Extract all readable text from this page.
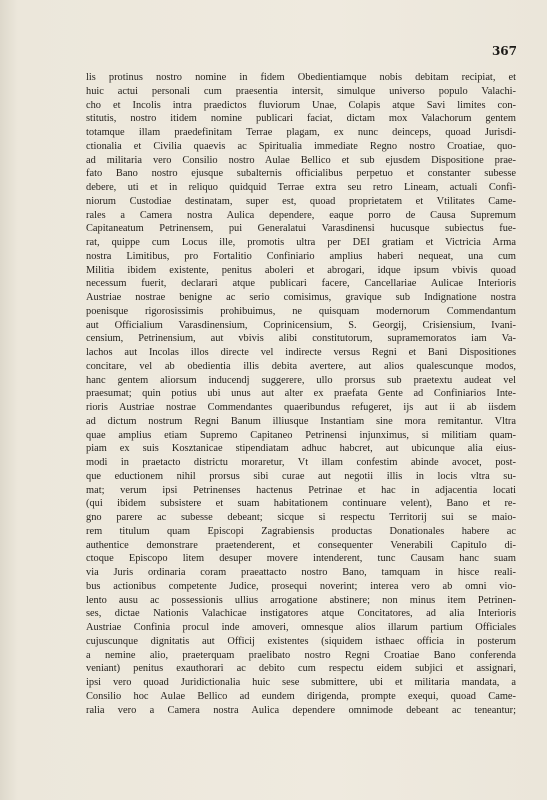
367
lis protinus nostro nomine in fidem Obedientiamque nobis debitam recipiat, et
huic actui personali cum praesentia intersit, simulque universo populo Valachi-
cho et Incolis intra praedictos fluviorum Unae, Colapis atque Savi limites con-
stitutis, nostro itidem nomine publicari faciat, dictam mox Valachorum gentem
totamque illam praedefinitam Terrae plagam, ex nunc deinceps, quoad Jurisdi-
ctionalia et Civilia quaevis ac Spiritualia immediate Regno nostro Croatiae, quo-
ad militaria vero Consilio nostro Aulae Bellico et sub ejusdem Dispositione prae-
fato Bano nostro ejusque subalternis officialibus perpetuo et constanter subesse
debere, uti et in reliquo quidquid Terrae extra seu retro Lineam, actuali Confi-
niorum Custodiae destinatam, super est, quoad proprietatem et Vtilitates Came-
rales a Camera nostra Aulica dependere, eaque porro de Causa Supremum
Capitaneatum Petrinensem, pui Generalatui Varasdinensi hucusque subiectus fue-
rat, quippe cum Locus ille, promotis ultra per DEI gratiam et Victricia Arma
nostra Limitibus, pro Fortalitio Confiniario amplius haberi nequeat, una cum
Militia ibidem existente, penitus aboleri et abrogari, idque ipsum vbivis quoad
necessum fuerit, declarari atque publicari facere, Cancellariae Aulicae Interioris
Austriae nostrae benigne ac serio comisimus, gravique sub Indignatione nostra
poenisque rigorosissimis prohibuimus, ne quisquam modernorum Commendantum
aut Officialium Varasdinensium, Coprinicensium, S. Georgij, Crisiensium, Ivani-
censium, Petrinensium, aut vbivis alibi constitutorum, supramemoratos iam Va-
lachos aut Incolas illos directe vel indirecte versus Regni et Bani Dispositiones
concitare, vel ab obedientia illis debita avertere, aut alios qualescunque modos,
hanc gentem aliorsum inducendj suggerere, ullo prorsus sub praetextu audeat vel
praesumat; quin potius ubi unus aut alter ex praefata Gente ad Confiniarios Inte-
rioris Austriae nostrae Commendantes quaeribundus refugeret, ijs aut ii ab iisdem
ad dictum nostrum Regni Banum illiusque Instantiam sine mora remitantur. Vltra
quae amplius etiam Supremo Capitaneo Petrinensi injunximus, si militiam quam-
piam ex suis Kosztanicae stipendiatam adhuc habcret, aut ubicunque alia eius-
modi in praetacto districtu moraretur, Vt illam confestim abinde avocet, post-
que eductionem nihil prorsus sibi curae aut negotii illis in locis vltra su-
mat; verum ipsi Petrinenses hactenus Petrinae et hac in adjacentia locati
(qui ibidem subsistere et suam habitationem continuare velent), Bano et re-
gno parere ac subesse debeant; sicque si respectu Territorij sui se maio-
rem titulum quam Episcopi Zagrabiensis productas Donationales habere ac
authentice demonstrare praetenderent, et consequenter Venerabili Capitulo di-
ctoque Episcopo litem desuper movere intenderent, tunc Causam hanc suam
via Juris ordinaria coram praeattacto nostro Bano, tamquam in hisce reali-
bus actionibus competente Judice, prosequi noverint; interea vero ab omni vio-
lento ausu ac possessionis ullius arrogatione abstinere; non minus item Petrinen-
ses, dictae Nationis Valachicae instigatores atque Concitatores, ad alia Interioris
Austriae Confinia procul inde amoveri, omnesque alios illarum partium Officiales
cujuscunque dignitatis aut Officij existentes (siquidem isthaec officia in posterum
a nemine alio, praeterquam praelibato nostro Regni Croatiae Bano conferenda
veniant) penitus exauthorari ac debito cum respectu eidem subjici et assignari,
ipsi vero quoad Juridictionalia huic sese submittere, ubi et militaria mandata, a
Consilio hoc Aulae Bellico ad eundem dirigenda, prompte exequi, quoad Came-
ralia vero a Camera nostra Aulica dependere omnimode debeant ac teneantur;
